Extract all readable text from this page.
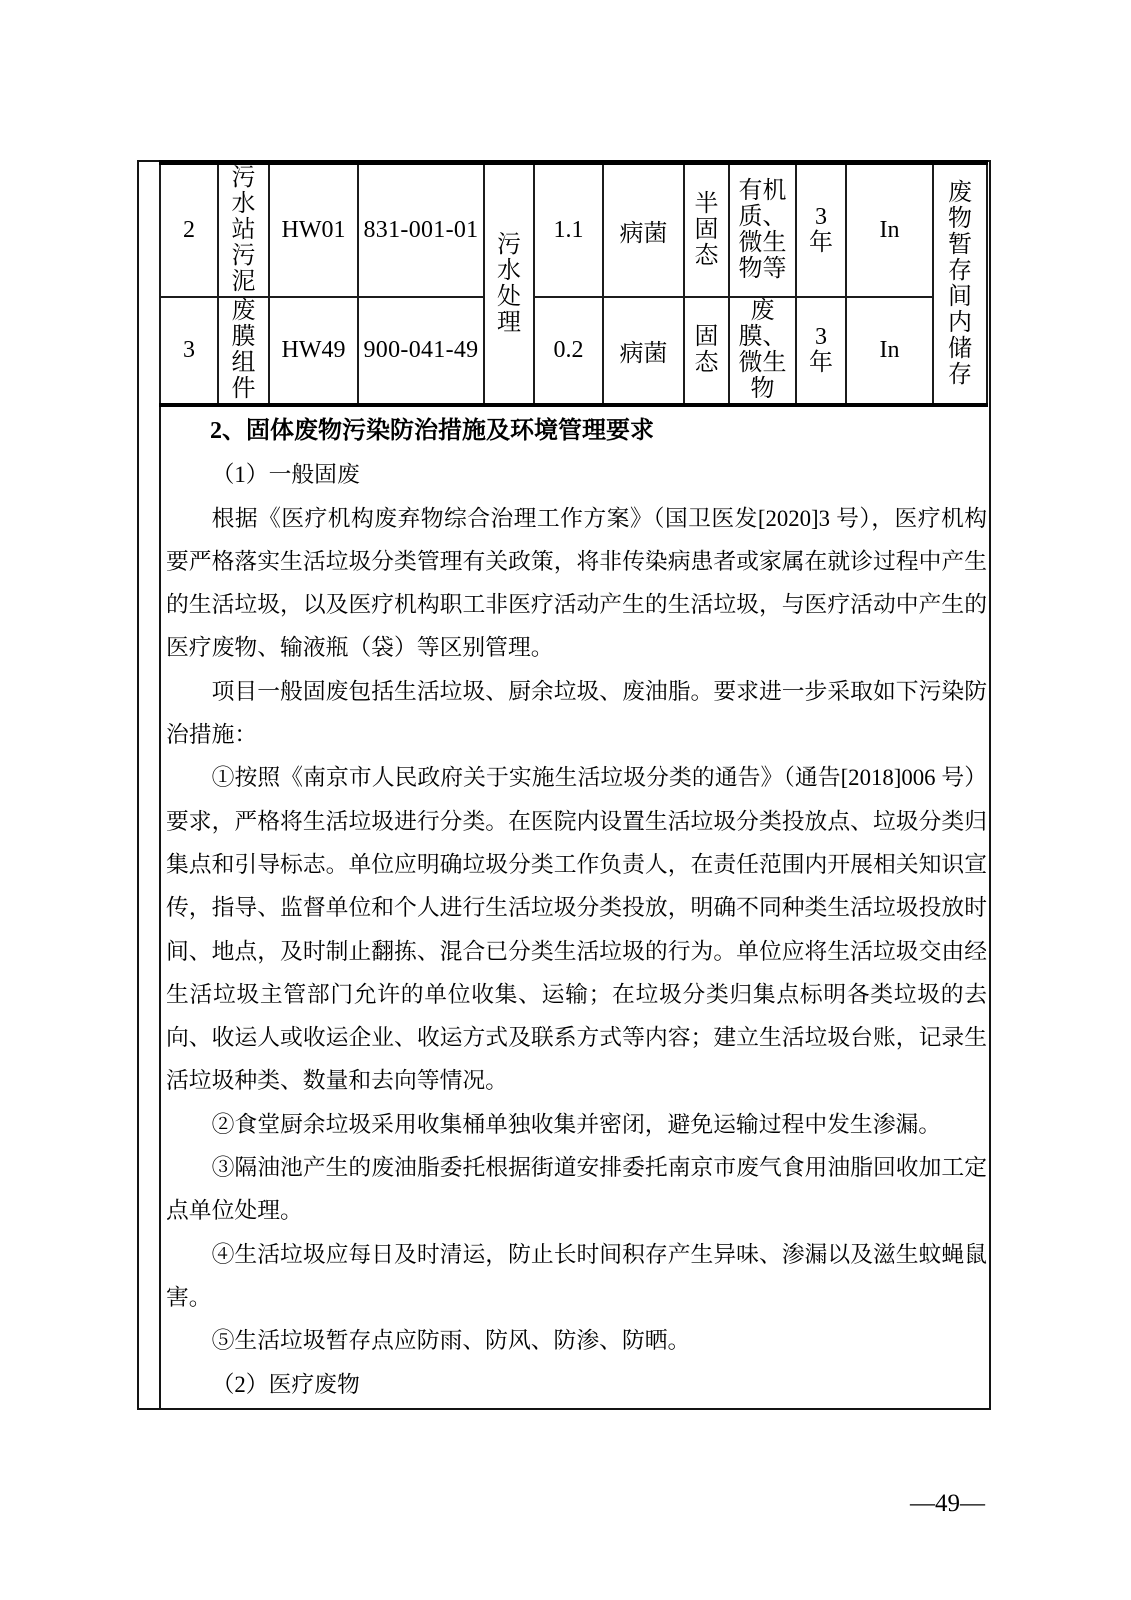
2	污水站污泥	HW01	831-001-01	污水处理	1.1	病菌	半固态	有机质、微生物等	3年	In	废物暂存间内储存
3	废膜组件	HW49	900-041-49		0.2	病菌	固态	废膜、微生物	3年	In	

2、固体废物污染防治措施及环境管理要求

（1）一般固废

根据《医疗机构废弃物综合治理工作方案》（国卫医发[2020]3 号），医疗机构要严格落实生活垃圾分类管理有关政策，将非传染病患者或家属在就诊过程中产生的生活垃圾，以及医疗机构职工非医疗活动产生的生活垃圾，与医疗活动中产生的医疗废物、输液瓶（袋）等区别管理。

项目一般固废包括生活垃圾、厨余垃圾、废油脂。要求进一步采取如下污染防治措施：

①按照《南京市人民政府关于实施生活垃圾分类的通告》（通告[2018]006 号）要求，严格将生活垃圾进行分类。在医院内设置生活垃圾分类投放点、垃圾分类归集点和引导标志。单位应明确垃圾分类工作负责人，在责任范围内开展相关知识宣传，指导、监督单位和个人进行生活垃圾分类投放，明确不同种类生活垃圾投放时间、地点，及时制止翻拣、混合已分类生活垃圾的行为。单位应将生活垃圾交由经生活垃圾主管部门允许的单位收集、运输；在垃圾分类归集点标明各类垃圾的去向、收运人或收运企业、收运方式及联系方式等内容；建立生活垃圾台账，记录生活垃圾种类、数量和去向等情况。

②食堂厨余垃圾采用收集桶单独收集并密闭，避免运输过程中发生渗漏。

③隔油池产生的废油脂委托根据街道安排委托南京市废气食用油脂回收加工定点单位处理。

④生活垃圾应每日及时清运，防止长时间积存产生异味、渗漏以及滋生蚊蝇鼠害。

⑤生活垃圾暂存点应防雨、防风、防渗、防晒。

（2）医疗废物

—49—
